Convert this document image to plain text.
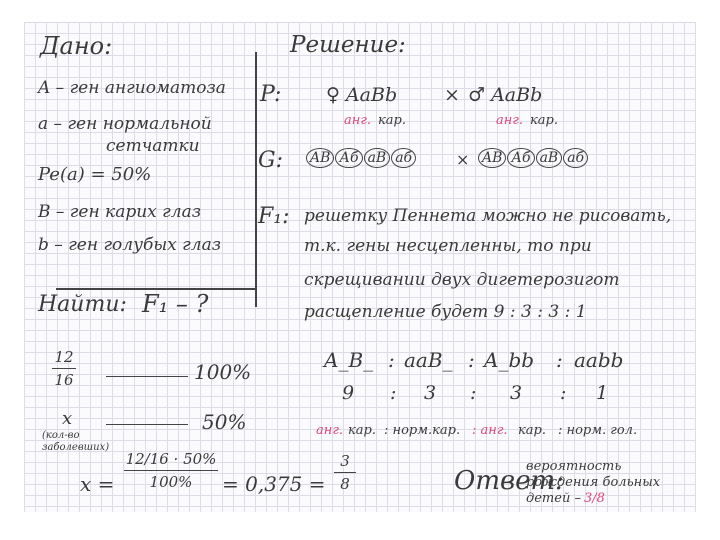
Дано:
A – ген ангиоматоза
a – ген нормальной
сетчатки
Pe(a) = 50%
B – ген карих глаз
b – ген голубых глаз
Найти: F₁ – ?
12
16	100%
x	50%
(кол-во заболевших)
x =
12/16 · 50%
100%	= 0,375 =
3
8
Решение:
P: ♀ AaBb × ♂ AaBb
анг. кар.	анг. кар.
G: AB Аб aB аб	× AB Аб aB аб
F₁: решетку Пеннета можно не рисовать,
т.к. гены несцепленны, то при
скрещивании двух дигетерозигот
расщепление будет 9 : 3 : 3 : 1
A_B_ : aaB_ : A_bb : aabb
9 : 3 : 3 : 1
анг. кар. : норм.кар. : анг. кар. : норм. гол.
Ответ:
вероятность
рождения больных
детей – 3/8
